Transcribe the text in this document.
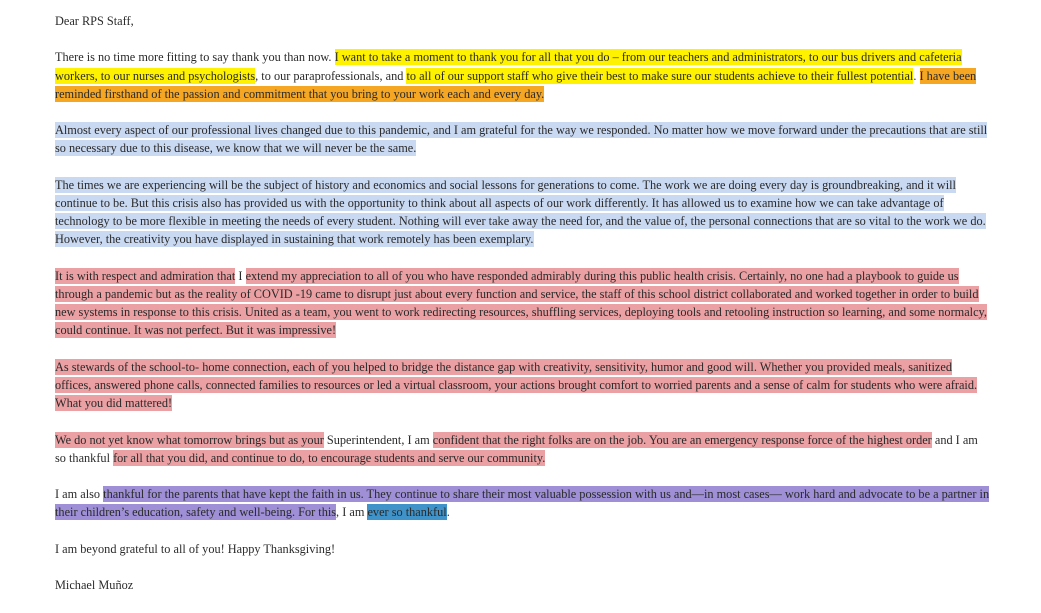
Dear RPS Staff,

There is no time more fitting to say thank you than now. I want to take a moment to thank you for all that you do – from our teachers and administrators, to our bus drivers and cafeteria workers, to our nurses and psychologists, to our paraprofessionals, and to all of our support staff who give their best to make sure our students achieve to their fullest potential. I have been reminded firsthand of the passion and commitment that you bring to your work each and every day.

Almost every aspect of our professional lives changed due to this pandemic, and I am grateful for the way we responded. No matter how we move forward under the precautions that are still so necessary due to this disease, we know that we will never be the same.

The times we are experiencing will be the subject of history and economics and social lessons for generations to come. The work we are doing every day is groundbreaking, and it will continue to be. But this crisis also has provided us with the opportunity to think about all aspects of our work differently. It has allowed us to examine how we can take advantage of technology to be more flexible in meeting the needs of every student. Nothing will ever take away the need for, and the value of, the personal connections that are so vital to the work we do. However, the creativity you have displayed in sustaining that work remotely has been exemplary.

It is with respect and admiration that I extend my appreciation to all of you who have responded admirably during this public health crisis. Certainly, no one had a playbook to guide us through a pandemic but as the reality of COVID -19 came to disrupt just about every function and service, the staff of this school district collaborated and worked together in order to build new systems in response to this crisis. United as a team, you went to work redirecting resources, shuffling services, deploying tools and retooling instruction so learning, and some normalcy, could continue. It was not perfect. But it was impressive!

As stewards of the school-to- home connection, each of you helped to bridge the distance gap with creativity, sensitivity, humor and good will. Whether you provided meals, sanitized offices, answered phone calls, connected families to resources or led a virtual classroom, your actions brought comfort to worried parents and a sense of calm for students who were afraid. What you did mattered!

We do not yet know what tomorrow brings but as your Superintendent, I am confident that the right folks are on the job. You are an emergency response force of the highest order and I am so thankful for all that you did, and continue to do, to encourage students and serve our community.

I am also thankful for the parents that have kept the faith in us. They continue to share their most valuable possession with us and—in most cases— work hard and advocate to be a partner in their children’s education, safety and well-being. For this, I am ever so thankful.

I am beyond grateful to all of you! Happy Thanksgiving!

Michael Muñoz
